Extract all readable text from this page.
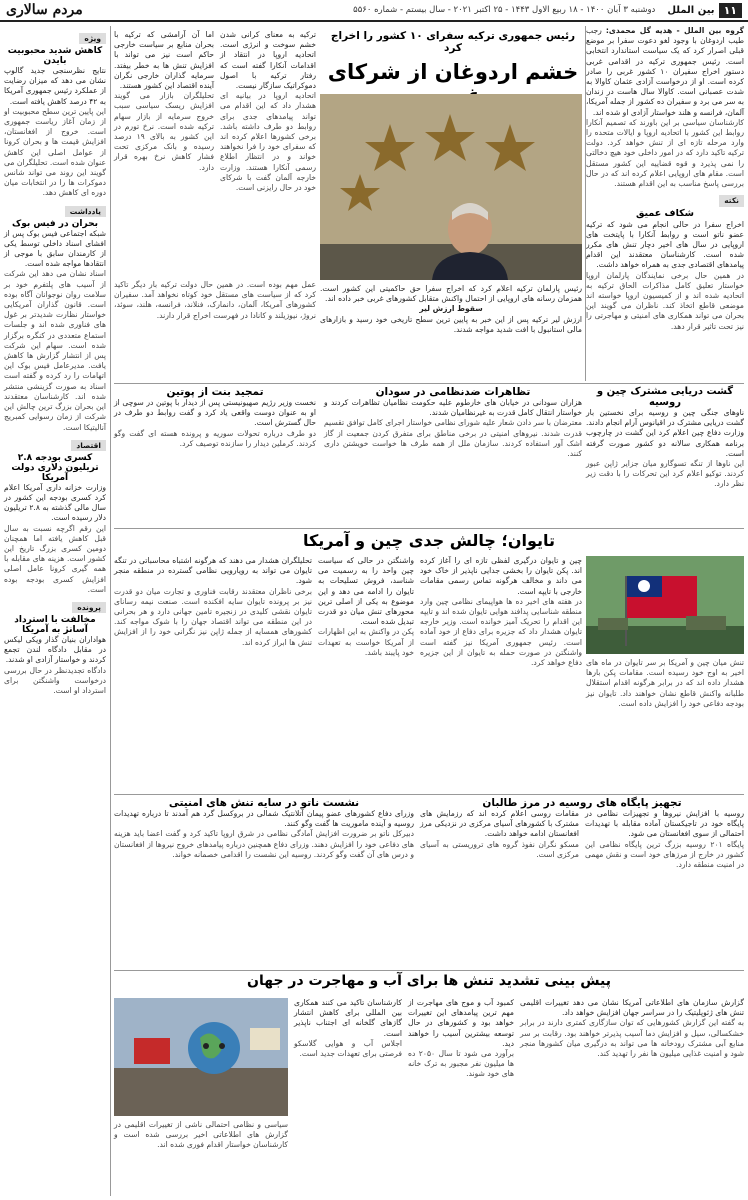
۱۱
بین الملل
دوشنبه ۳ آبان ۱۴۰۰ - ۱۸ ربیع الاول ۱۴۴۳ - ۲۵ اکتبر ۲۰۲۱ - سال بیستم - شماره ۵۵۶۰
مردم سالاری
گروه بین الملل - هدیه گل محمدی: رجب طیب اردوغان با وجود لغو دعوت سفرا بر موضع قبلی اصرار کرد که یک سیاست استاندارد انتخابی است. رئیس جمهوری ترکیه در اقدامی غربی دستور اخراج سفیران ۱۰ کشور غربی را صادر کرده است. او از درخواست آزادی عثمان کاوالا به شدت عصبانی است. کاوالا سال هاست در زندان به سر می برد و سفیران ده کشور از جمله آمریکا، آلمان، فرانسه و هلند خواستار آزادی او شده اند.
کارشناسان سیاسی بر این باورند که تصمیم آنکارا روابط این کشور با اتحادیه اروپا و ایالات متحده را وارد مرحله تازه ای از تنش خواهد کرد. دولت ترکیه تاکید دارد که در امور داخلی خود هیچ دخالتی را نمی پذیرد و قوه قضاییه این کشور مستقل است. مقام های اروپایی اعلام کرده اند که در حال بررسی پاسخ مناسب به این اقدام هستند.
نکته
شکاف عمیق
اخراج سفرا در حالی انجام می شود که ترکیه عضو ناتو است و روابط آنکارا با پایتخت های اروپایی در سال های اخیر دچار تنش های مکرر شده است. کارشناسان معتقدند این اقدام پیامدهای اقتصادی جدی به همراه خواهد داشت.
در همین حال برخی نمایندگان پارلمان اروپا خواستار تعلیق کامل مذاکرات الحاق ترکیه به اتحادیه شده اند و از کمیسیون اروپا خواسته اند موضعی قاطع اتخاذ کند. ناظران می گویند این بحران می تواند همکاری های امنیتی و مهاجرتی را نیز تحت تاثیر قرار دهد.
رئیس جمهوری ترکیه سفرای ۱۰ کشور را اخراج کرد
خشم اردوغان از شرکای
ترکیه به معنای کرانی شدن خشم سوخت و انرژی است. اتحادیه اروپا در انتقاد از اقدامات آنکارا گفته است که رفتار ترکیه با اصول دموکراتیک سازگار نیست.
اتحادیه اروپا در بیانیه ای هشدار داد که این اقدام می تواند پیامدهای جدی برای روابط دو طرف داشته باشد. برخی کشورها اعلام کرده اند که سفرای خود را فرا نخواهند خواند و در انتظار اطلاع رسمی آنکارا هستند. وزارت خارجه آلمان گفت با شرکای خود در حال رایزنی است.
اما آن آرامشی که ترکیه با بحران منابع بر سیاست خارجی حاکم است نیز می تواند با افزایش تنش ها به خطر بیفتد. سرمایه گذاران خارجی نگران آینده اقتصاد این کشور هستند.
تحلیلگران بازار می گویند افزایش ریسک سیاسی سبب خروج سرمایه از بازار سهام ترکیه شده است. نرخ تورم در این کشور به بالای ۱۹ درصد رسیده و بانک مرکزی تحت فشار کاهش نرخ بهره قرار دارد.
رئیس پارلمان ترکیه اعلام کرد که اخراج سفرا حق حاکمیتی این کشور است. همزمان رسانه های اروپایی از احتمال واکنش متقابل کشورهای غربی خبر داده اند.
سقوط ارزش لیر
ارزش لیر ترکیه پس از این خبر به پایین ترین سطح تاریخی خود رسید و بازارهای مالی استانبول با افت شدید مواجه شدند.
عمل مهم بوده است. در همین حال دولت ترکیه بار دیگر تاکید کرد که از سیاست های مستقل خود کوتاه نخواهد آمد. سفیران کشورهای آمریکا، آلمان، دانمارک، فنلاند، فرانسه، هلند، سوئد، نروژ، نیوزیلند و کانادا در فهرست اخراج قرار دارند.
گشت دریایی مشترک چین و روسیه
ناوهای جنگی چین و روسیه برای نخستین بار گشت دریایی مشترک در اقیانوس آرام انجام دادند. وزارت دفاع چین اعلام کرد این گشت در چارچوب برنامه همکاری سالانه دو کشور صورت گرفته است.
این ناوها از تنگه تسوگارو میان جزایر ژاپن عبور کردند. توکیو اعلام کرد این تحرکات را با دقت زیر نظر دارد.
تظاهرات ضدنظامی در سودان
هزاران سودانی در خیابان های خارطوم علیه حکومت نظامیان تظاهرات کردند و خواستار انتقال کامل قدرت به غیرنظامیان شدند.
معترضان با سر دادن شعار علیه شورای نظامی خواستار اجرای کامل توافق تقسیم قدرت شدند. نیروهای امنیتی در برخی مناطق برای متفرق کردن جمعیت از گاز اشک آور استفاده کردند. سازمان ملل از همه طرف ها خواست خویشتن داری کنند.
تمجید بنت از پوتین
نخست وزیر رژیم صهیونیستی پس از دیدار با پوتین در سوچی از او به عنوان دوست واقعی یاد کرد و گفت روابط دو طرف در حال گسترش است.
دو طرف درباره تحولات سوریه و پرونده هسته ای گفت وگو کردند. کرملین دیدار را سازنده توصیف کرد.
تایوان؛ چالش جدی چین و آمریکا
چین و تایوان درگیری لفظی تازه ای را آغاز کرده اند. پکن تایوان را بخشی جدایی ناپذیر از خاک خود می داند و مخالف هرگونه تماس رسمی مقامات خارجی با تایپه است.
در هفته های اخیر ده ها هواپیمای نظامی چین وارد منطقه شناسایی پدافند هوایی تایوان شده اند و تایپه این اقدام را تحریک آمیز خوانده است. وزیر خارجه تایوان هشدار داد که جزیره برای دفاع از خود آماده است. رئیس جمهوری آمریکا نیز گفته است واشنگتن در صورت حمله به تایوان از این جزیره دفاع خواهد کرد.
واشنگتن در حالی که سیاست چین واحد را به رسمیت می شناسد، فروش تسلیحات به تایوان را ادامه می دهد و این موضوع به یکی از اصلی ترین محورهای تنش میان دو قدرت تبدیل شده است.
پکن در واکنش به این اظهارات از آمریکا خواست به تعهدات خود پایبند باشد.
تحلیلگران هشدار می دهند که هرگونه اشتباه محاسباتی در تنگه تایوان می تواند به رویارویی نظامی گسترده در منطقه منجر شود.
برخی ناظران معتقدند رقابت فناوری و تجارت میان دو قدرت نیز بر پرونده تایوان سایه افکنده است. صنعت نیمه رسانای تایوان نقشی کلیدی در زنجیره تامین جهانی دارد و هر بحرانی در این منطقه می تواند اقتصاد جهان را با شوک مواجه کند. کشورهای همسایه از جمله ژاپن نیز نگرانی خود را از افزایش تنش ها ابراز کرده اند.
تنش میان چین و آمریکا بر سر تایوان در ماه های اخیر به اوج خود رسیده است. مقامات پکن بارها هشدار داده اند که در برابر هرگونه اقدام استقلال طلبانه واکنش قاطع نشان خواهند داد. تایوان نیز بودجه دفاعی خود را افزایش داده است.
تجهیز پایگاه های روسیه در مرز طالبان
روسیه با افزایش نیروها و تجهیزات نظامی در پایگاه خود در تاجیکستان آماده مقابله با تهدیدات احتمالی از سوی افغانستان می شود.
پایگاه ۲۰۱ روسیه بزرگ ترین پایگاه نظامی این کشور در خارج از مرزهای خود است و نقش مهمی در امنیت منطقه دارد.
مقامات روسی اعلام کرده اند که رزمایش های مشترک با کشورهای آسیای مرکزی در نزدیکی مرز افغانستان ادامه خواهد داشت.
مسکو نگران نفوذ گروه های تروریستی به آسیای مرکزی است.
نشست ناتو در سایه تنش های امنیتی
وزرای دفاع کشورهای عضو پیمان آتلانتیک شمالی در بروکسل گرد هم آمدند تا درباره تهدیدات روسیه و آینده ماموریت ها گفت وگو کنند.
دبیرکل ناتو بر ضرورت افزایش آمادگی نظامی در شرق اروپا تاکید کرد و گفت اعضا باید هزینه های دفاعی خود را افزایش دهند. وزرای دفاع همچنین درباره پیامدهای خروج نیروها از افغانستان و درس های آن گفت وگو کردند. روسیه این نشست را اقدامی خصمانه خواند.
پیش بینی تشدید تنش ها برای آب و مهاجرت در جهان
گزارش سازمان های اطلاعاتی آمریکا نشان می دهد تغییرات اقلیمی تنش های ژئوپلیتیک را در سراسر جهان افزایش خواهد داد.
به گفته این گزارش کشورهایی که توان سازگاری کمتری دارند در برابر خشکسالی، سیل و افزایش دما آسیب پذیرتر خواهند بود. رقابت بر سر منابع آبی مشترک رودخانه ها می تواند به درگیری میان کشورها منجر شود و امنیت غذایی میلیون ها نفر را تهدید کند.
کمبود آب و موج های مهاجرت از مهم ترین پیامدهای این تغییرات خواهد بود و کشورهای در حال توسعه بیشترین آسیب را خواهند دید.
برآورد می شود تا سال ۲۰۵۰ ده ها میلیون نفر مجبور به ترک خانه های خود شوند.
کارشناسان تاکید می کنند همکاری بین المللی برای کاهش انتشار گازهای گلخانه ای اجتناب ناپذیر است.
اجلاس آب و هوایی گلاسکو فرصتی برای تعهدات جدید است.
سیاسی و نظامی احتمالی ناشی از تغییرات اقلیمی در گزارش های اطلاعاتی اخیر بررسی شده است و کارشناسان خواستار اقدام فوری شده اند.
ویژه
کاهش شدید محبوبیت بایدن
نتایج نظرسنجی جدید گالوپ نشان می دهد که میزان رضایت از عملکرد رئیس جمهوری آمریکا به ۴۲ درصد کاهش یافته است.
این پایین ترین سطح محبوبیت او از زمان آغاز ریاست جمهوری است. خروج از افغانستان، افزایش قیمت ها و بحران کرونا از عوامل اصلی این کاهش عنوان شده است. تحلیلگران می گویند این روند می تواند شانس دموکرات ها را در انتخابات میان دوره ای کاهش دهد.
یادداشت
بحران در فیس بوک
شبکه اجتماعی فیس بوک پس از افشای اسناد داخلی توسط یکی از کارمندان سابق با موجی از انتقادها مواجه شده است.
اسناد نشان می دهد این شرکت از آسیب های پلتفرم خود بر سلامت روان نوجوانان آگاه بوده است. قانون گذاران آمریکایی خواستار نظارت شدیدتر بر غول های فناوری شده اند و جلسات استماع متعددی در کنگره برگزار شده است. سهام این شرکت پس از انتشار گزارش ها کاهش یافت. مدیرعامل فیس بوک این اتهامات را رد کرده و گفته است اسناد به صورت گزینشی منتشر شده اند. کارشناسان معتقدند این بحران بزرگ ترین چالش این شرکت از زمان رسوایی کمبریج آنالیتیکا است.
اقتصاد
کسری بودجه ۲.۸ تریلیون دلاری دولت آمریکا
وزارت خزانه داری آمریکا اعلام کرد کسری بودجه این کشور در سال مالی گذشته به ۲.۸ تریلیون دلار رسیده است.
این رقم اگرچه نسبت به سال قبل کاهش یافته اما همچنان دومین کسری بزرگ تاریخ این کشور است. هزینه های مقابله با همه گیری کرونا عامل اصلی افزایش کسری بودجه بوده است.
پرونده
مخالفت با استرداد آسانژ به آمریکا
هواداران بنیان گذار ویکی لیکس در مقابل دادگاه لندن تجمع کردند و خواستار آزادی او شدند.
دادگاه تجدیدنظر در حال بررسی درخواست واشنگتن برای استرداد او است.
